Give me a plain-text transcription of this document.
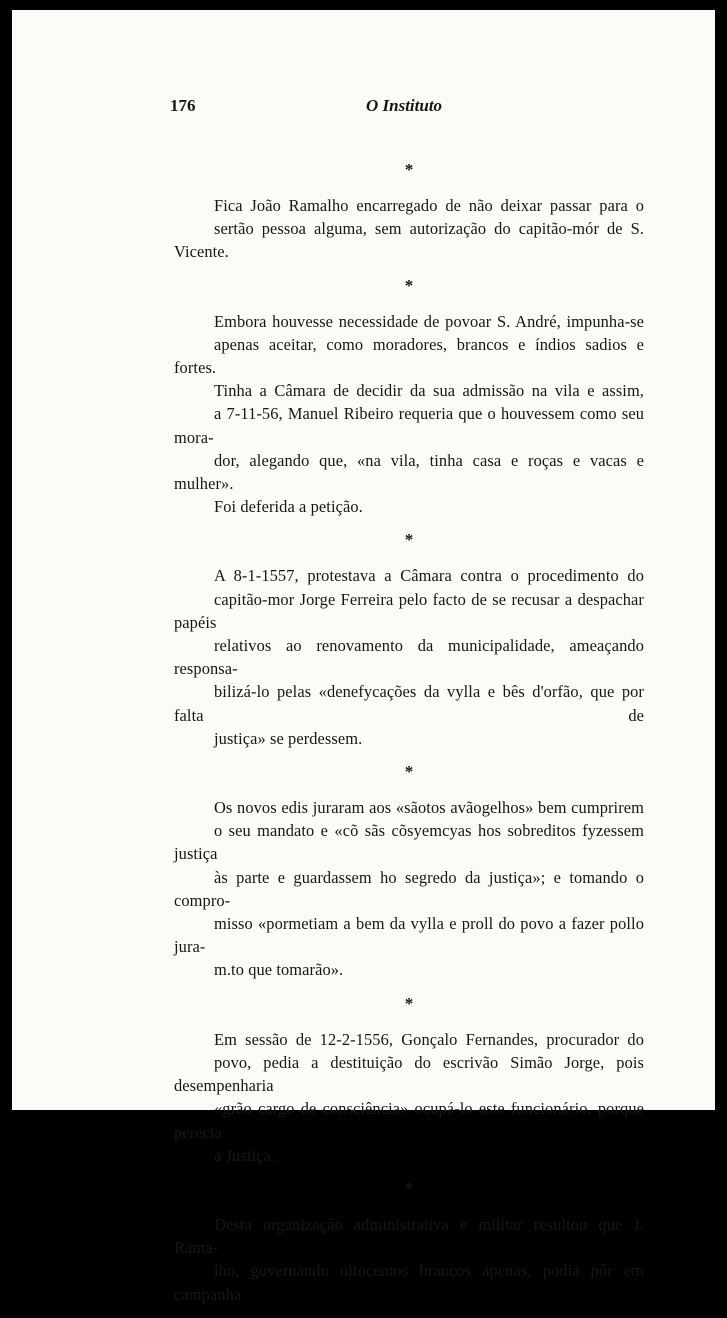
176	O Instituto
*
Fica João Ramalho encarregado de não deixar passar para o
sertão pessoa alguma, sem autorização do capitão-mór de S. Vicente.
*
Embora houvesse necessidade de povoar S. André, impunha-se
apenas aceitar, como moradores, brancos e índios sadios e fortes.
Tinha a Câmara de decidir da sua admissão na vila e assim,
a 7-11-56, Manuel Ribeiro requeria que o houvessem como seu mora-
dor, alegando que, «na vila, tinha casa e roças e vacas e mulher».
Foi deferida a petição.
*
A 8-1-1557, protestava a Câmara contra o procedimento do
capitão-mor Jorge Ferreira pelo facto de se recusar a despachar papéis
relativos ao renovamento da municipalidade, ameaçando responsa-
bilizá-lo pelas «denefycações da vylla e bês d'orfão, que por falta de
justiça» se perdessem.
*
Os novos edis juraram aos «sãotos avãogelhos» bem cumprirem
o seu mandato e «cõ sãs cõsyemcyas hos sobreditos fyzessem justiça
às parte e guardassem ho segredo da justiça»; e tomando o compro-
misso «pormetiam a bem da vylla e proll do povo a fazer pollo jura-
m.to que tomarão».
*
Em sessão de 12-2-1556, Gonçalo Fernandes, procurador do
povo, pedia a destituição do escrivão Simão Jorge, pois desempenharia
«grão cargo de consciência» ocupá-lo este funcionário, porque perecia
a Justiça.
*
Desta organização administrativa e militar resultou que J. Rama-
lho, governando oitocentos brancos apenas, podia pôr em campanha
